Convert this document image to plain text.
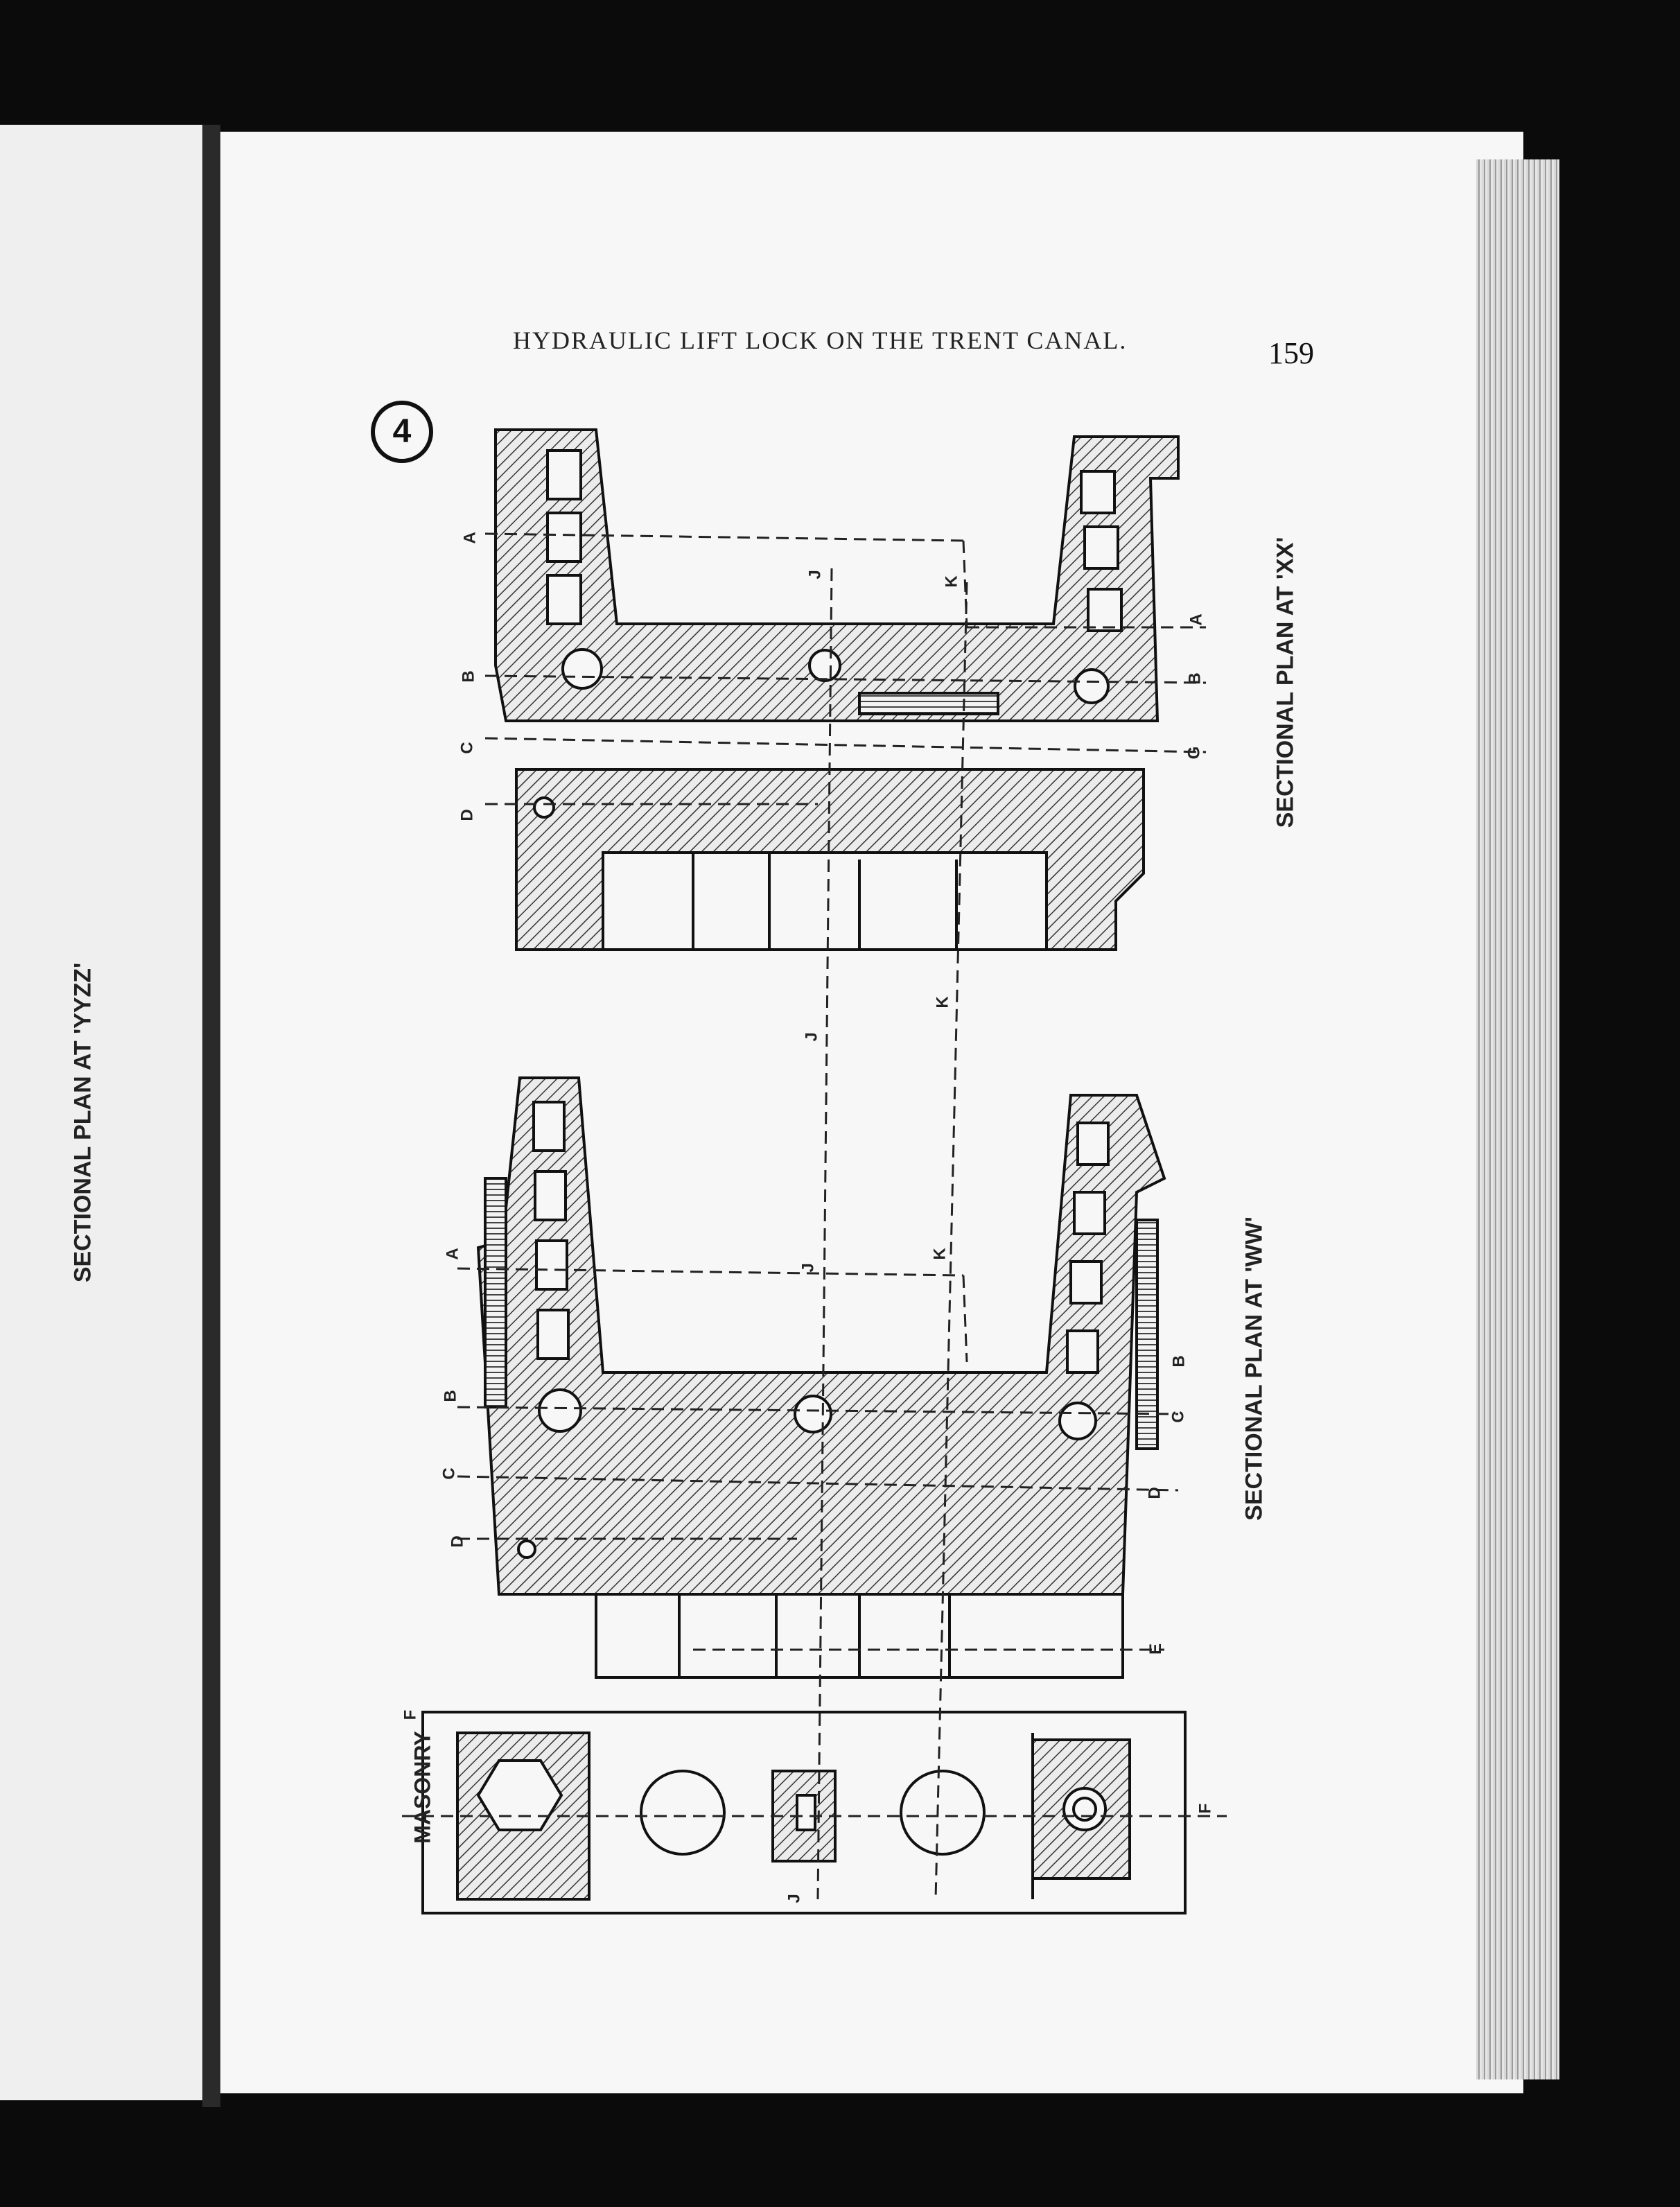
SECTIONAL PLAN AT 'YYZZ'
HYDRAULIC LIFT LOCK ON THE TRENT CANAL.	159
4
A
B
C
D
J
K
A
B
G
J
K
A
B
C
D
J
K
B
C
D
E
F
F
J
SECTIONAL PLAN AT 'XX'
SECTIONAL PLAN AT 'WW'
MASONRY
